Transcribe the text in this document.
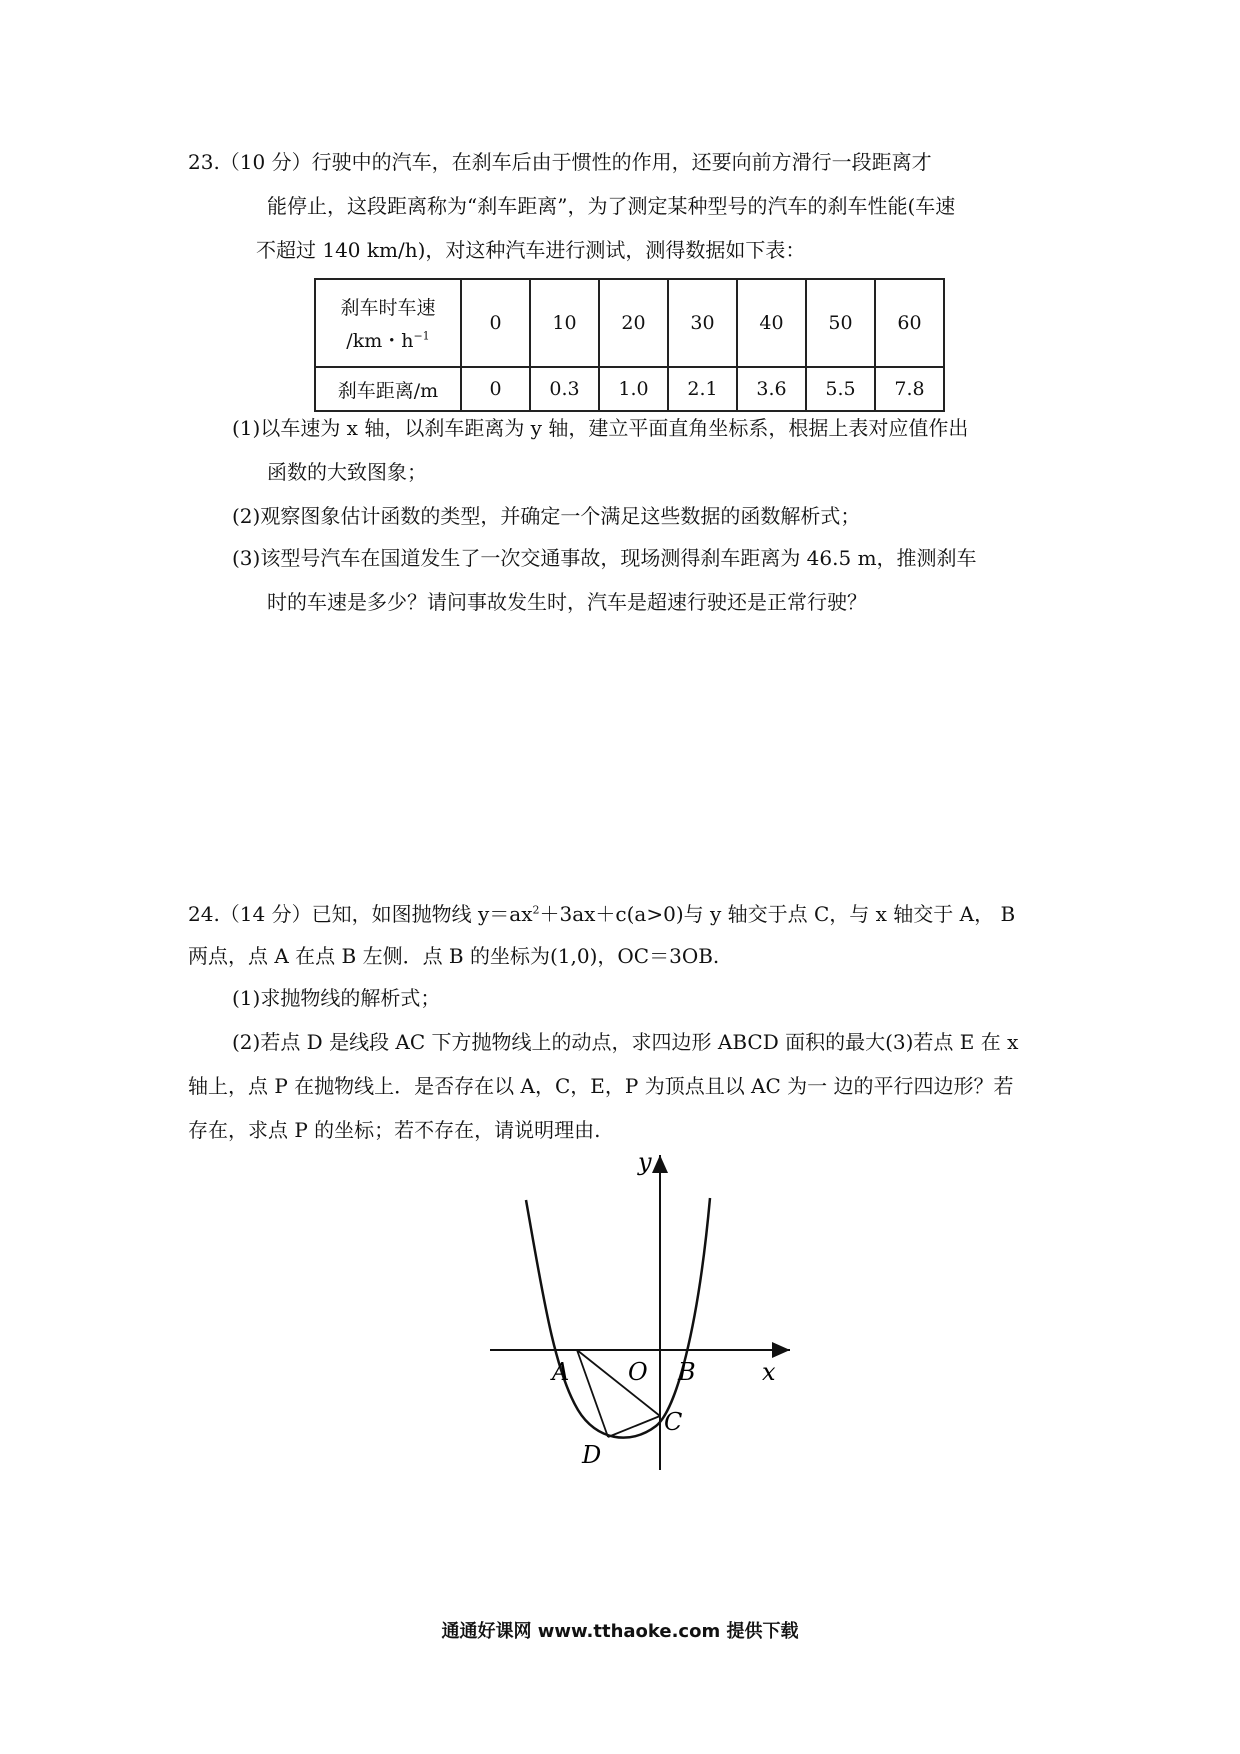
23.（10 分）行驶中的汽车，在刹车后由于惯性的作用，还要向前方滑行一段距离才
能停止，这段距离称为“刹车距离”，为了测定某种型号的汽车的刹车性能(车速
不超过 140 km/h)，对这种汽车进行测试，测得数据如下表：
刹车时车速
/km・$h^{-1}$	0	10	20	30	40	50	60
刹车距离/m	0	0.3	1.0	2.1	3.6	5.5	7.8
(1)以车速为 x 轴，以刹车距离为 y 轴，建立平面直角坐标系，根据上表对应值作出
函数的大致图象；
(2)观察图象估计函数的类型，并确定一个满足这些数据的函数解析式；
(3)该型号汽车在国道发生了一次交通事故，现场测得刹车距离为 46.5 m，推测刹车
时的车速是多少？请问事故发生时，汽车是超速行驶还是正常行驶？
24.（14 分）已知，如图抛物线 $y=ax^2+3ax+c(a>0)$与 y 轴交于点 C，与 x 轴交于 A， B
两点，点 A 在点 B 左侧．点 B 的坐标为(1,0)，OC＝3OB.
(1)求抛物线的解析式；
(2)若点 D 是线段 AC 下方抛物线上的动点，求四边形 ABCD 面积的最大(3)若点 E 在 x
轴上，点 P 在抛物线上．是否存在以 A，C，E，P 为顶点且以 AC 为一 边的平行四边形？若
存在，求点 P 的坐标；若不存在，请说明理由.
y
x
O
A	B
C
D
通通好课网 www.tthaoke.com 提供下载
